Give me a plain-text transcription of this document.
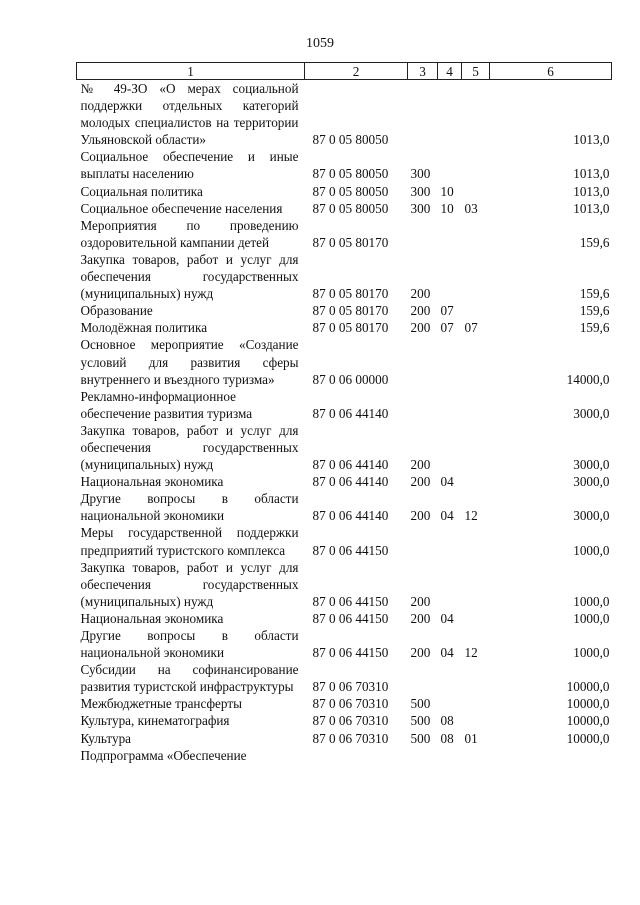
1059
1	2	3	4	5	6
№ 49-ЗО «О мерах социальной поддержки отдельных категорий молодых специалистов на территории Ульяновской области»	87 0 05 80050				1013,0
Социальное обеспечение и иные выплаты населению	87 0 05 80050	300			1013,0
Социальная политика	87 0 05 80050	300	10		1013,0
Социальное обеспечение населения	87 0 05 80050	300	10	03	1013,0
Мероприятия по проведению оздоровительной кампании детей	87 0 05 80170				159,6
Закупка товаров, работ и услуг для обеспечения государственных (муниципальных) нужд	87 0 05 80170	200			159,6
Образование	87 0 05 80170	200	07		159,6
Молодёжная политика	87 0 05 80170	200	07	07	159,6
Основное мероприятие «Создание условий для развития сферы внутреннего и въездного туризма»	87 0 06 00000				14000,0
Рекламно-информационное обеспечение развития туризма	87 0 06 44140				3000,0
Закупка товаров, работ и услуг для обеспечения государственных (муниципальных) нужд	87 0 06 44140	200			3000,0
Национальная экономика	87 0 06 44140	200	04		3000,0
Другие вопросы в области национальной экономики	87 0 06 44140	200	04	12	3000,0
Меры государственной поддержки предприятий туристского комплекса	87 0 06 44150				1000,0
Закупка товаров, работ и услуг для обеспечения государственных (муниципальных) нужд	87 0 06 44150	200			1000,0
Национальная экономика	87 0 06 44150	200	04		1000,0
Другие вопросы в области национальной экономики	87 0 06 44150	200	04	12	1000,0
Субсидии на софинансирование развития туристской инфраструктуры	87 0 06 70310				10000,0
Межбюджетные трансферты	87 0 06 70310	500			10000,0
Культура, кинематография	87 0 06 70310	500	08		10000,0
Культура	87 0 06 70310	500	08	01	10000,0
Подпрограмма «Обеспечение					
